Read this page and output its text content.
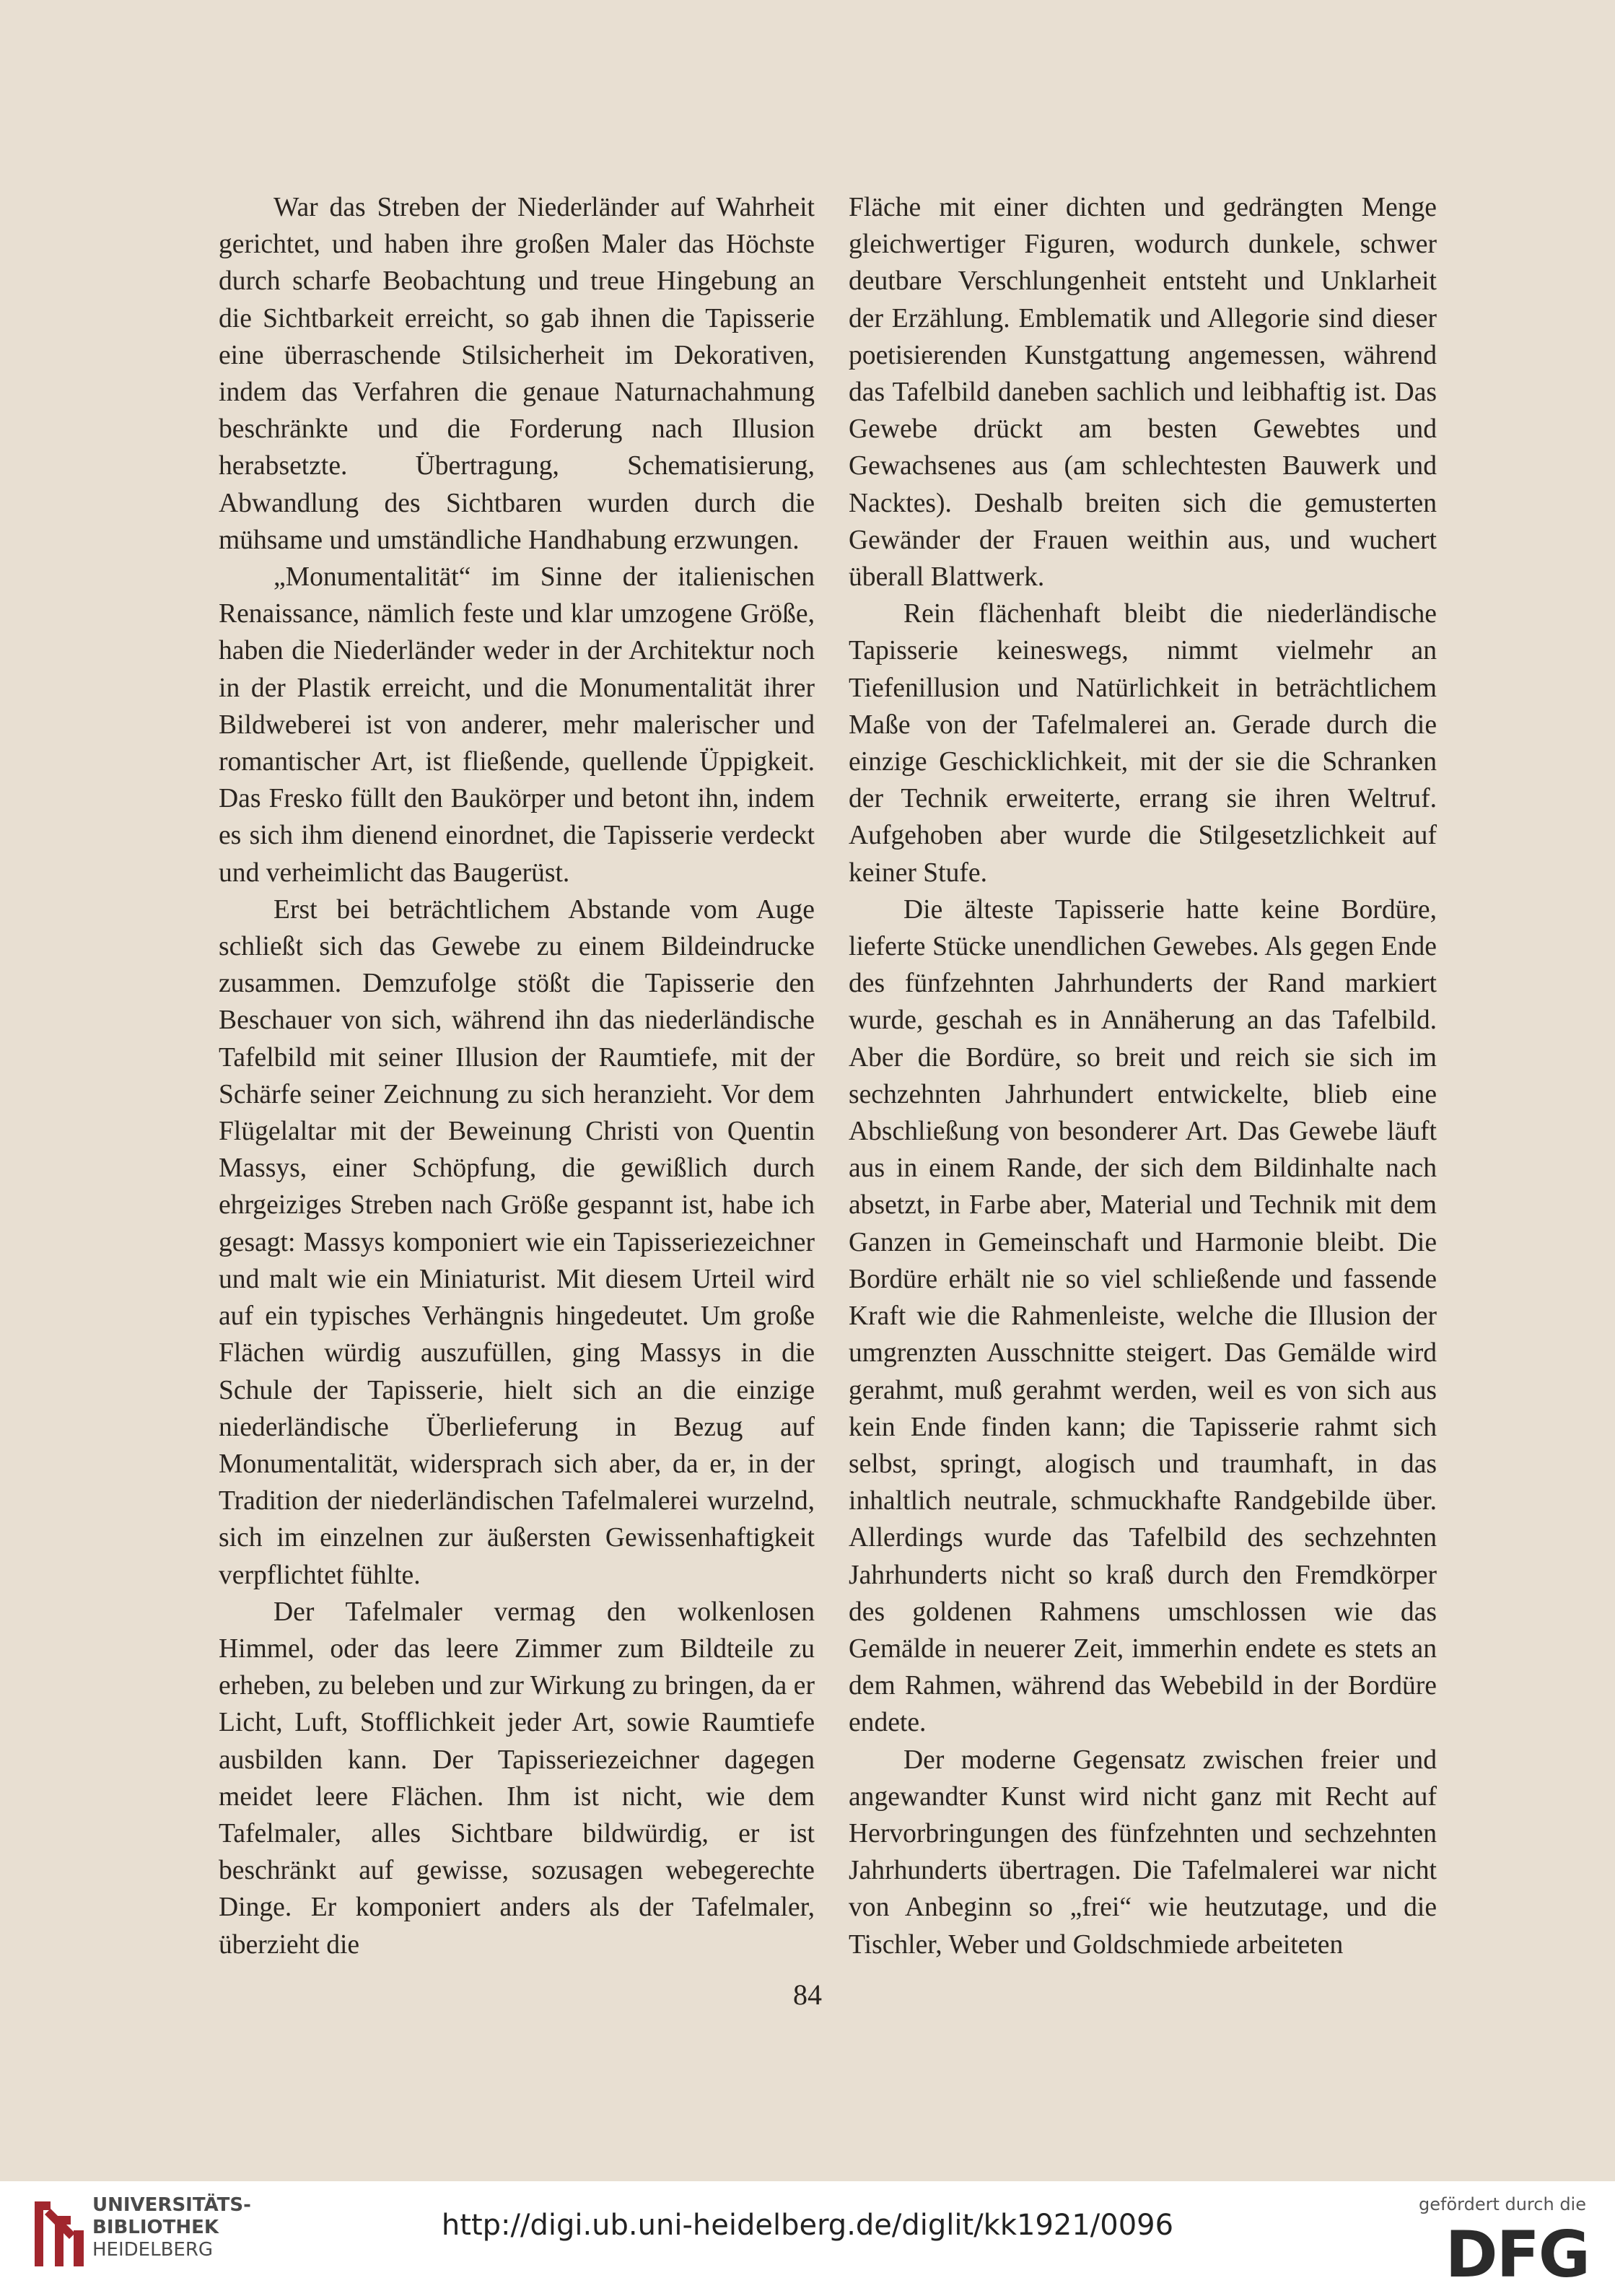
War das Streben der Niederländer auf Wahrheit gerichtet, und haben ihre großen Maler das Höchste durch scharfe Beobachtung und treue Hingebung an die Sichtbarkeit erreicht, so gab ihnen die Tapisserie eine überraschende Stilsicherheit im Dekorativen, indem das Verfahren die genaue Naturnachahmung beschränkte und die Forderung nach Illusion herabsetzte. Übertragung, Schematisierung, Abwandlung des Sichtbaren wurden durch die mühsame und umständliche Handhabung erzwungen.

„Monumentalität“ im Sinne der italienischen Renaissance, nämlich feste und klar umzogene Größe, haben die Niederländer weder in der Architektur noch in der Plastik erreicht, und die Monumentalität ihrer Bildweberei ist von anderer, mehr malerischer und romantischer Art, ist fließende, quellende Üppigkeit. Das Fresko füllt den Baukörper und betont ihn, indem es sich ihm dienend einordnet, die Tapisserie verdeckt und verheimlicht das Baugerüst.

Erst bei beträchtlichem Abstande vom Auge schließt sich das Gewebe zu einem Bildeindrucke zusammen. Demzufolge stößt die Tapisserie den Beschauer von sich, während ihn das niederländische Tafelbild mit seiner Illusion der Raumtiefe, mit der Schärfe seiner Zeichnung zu sich heranzieht. Vor dem Flügelaltar mit der Beweinung Christi von Quentin Massys, einer Schöpfung, die gewißlich durch ehrgeiziges Streben nach Größe gespannt ist, habe ich gesagt: Massys komponiert wie ein Tapisseriezeichner und malt wie ein Miniaturist. Mit diesem Urteil wird auf ein typisches Verhängnis hingedeutet. Um große Flächen würdig auszufüllen, ging Massys in die Schule der Tapisserie, hielt sich an die einzige niederländische Überlieferung in Bezug auf Monumentalität, widersprach sich aber, da er, in der Tradition der niederländischen Tafelmalerei wurzelnd, sich im einzelnen zur äußersten Gewissenhaftigkeit verpflichtet fühlte.

Der Tafelmaler vermag den wolkenlosen Himmel, oder das leere Zimmer zum Bildteile zu erheben, zu beleben und zur Wirkung zu bringen, da er Licht, Luft, Stofflichkeit jeder Art, sowie Raumtiefe ausbilden kann. Der Tapisseriezeichner dagegen meidet leere Flächen. Ihm ist nicht, wie dem Tafelmaler, alles Sichtbare bildwürdig, er ist beschränkt auf gewisse, sozusagen webegerechte Dinge. Er komponiert anders als der Tafelmaler, überzieht die

Fläche mit einer dichten und gedrängten Menge gleichwertiger Figuren, wodurch dunkele, schwer deutbare Verschlungenheit entsteht und Unklarheit der Erzählung. Emblematik und Allegorie sind dieser poetisierenden Kunstgattung angemessen, während das Tafelbild daneben sachlich und leibhaftig ist. Das Gewebe drückt am besten Gewebtes und Gewachsenes aus (am schlechtesten Bauwerk und Nacktes). Deshalb breiten sich die gemusterten Gewänder der Frauen weithin aus, und wuchert überall Blattwerk.

Rein flächenhaft bleibt die niederländische Tapisserie keineswegs, nimmt vielmehr an Tiefenillusion und Natürlichkeit in beträchtlichem Maße von der Tafelmalerei an. Gerade durch die einzige Geschicklichkeit, mit der sie die Schranken der Technik erweiterte, errang sie ihren Weltruf. Aufgehoben aber wurde die Stilgesetzlichkeit auf keiner Stufe.

Die älteste Tapisserie hatte keine Bordüre, lieferte Stücke unendlichen Gewebes. Als gegen Ende des fünfzehnten Jahrhunderts der Rand markiert wurde, geschah es in Annäherung an das Tafelbild. Aber die Bordüre, so breit und reich sie sich im sechzehnten Jahrhundert entwickelte, blieb eine Abschließung von besonderer Art. Das Gewebe läuft aus in einem Rande, der sich dem Bildinhalte nach absetzt, in Farbe aber, Material und Technik mit dem Ganzen in Gemeinschaft und Harmonie bleibt. Die Bordüre erhält nie so viel schließende und fassende Kraft wie die Rahmenleiste, welche die Illusion der umgrenzten Ausschnitte steigert. Das Gemälde wird gerahmt, muß gerahmt werden, weil es von sich aus kein Ende finden kann; die Tapisserie rahmt sich selbst, springt, alogisch und traumhaft, in das inhaltlich neutrale, schmuckhafte Randgebilde über. Allerdings wurde das Tafelbild des sechzehnten Jahrhunderts nicht so kraß durch den Fremdkörper des goldenen Rahmens umschlossen wie das Gemälde in neuerer Zeit, immerhin endete es stets an dem Rahmen, während das Webebild in der Bordüre endete.

Der moderne Gegensatz zwischen freier und angewandter Kunst wird nicht ganz mit Recht auf Hervorbringungen des fünfzehnten und sechzehnten Jahrhunderts übertragen. Die Tafelmalerei war nicht von Anbeginn so „frei“ wie heutzutage, und die Tischler, Weber und Goldschmiede arbeiteten

84
UNIVERSITÄTS-
BIBLIOTHEK
HEIDELBERG
http://digi.ub.uni-heidelberg.de/diglit/kk1921/0096
gefördert durch die
DFG
